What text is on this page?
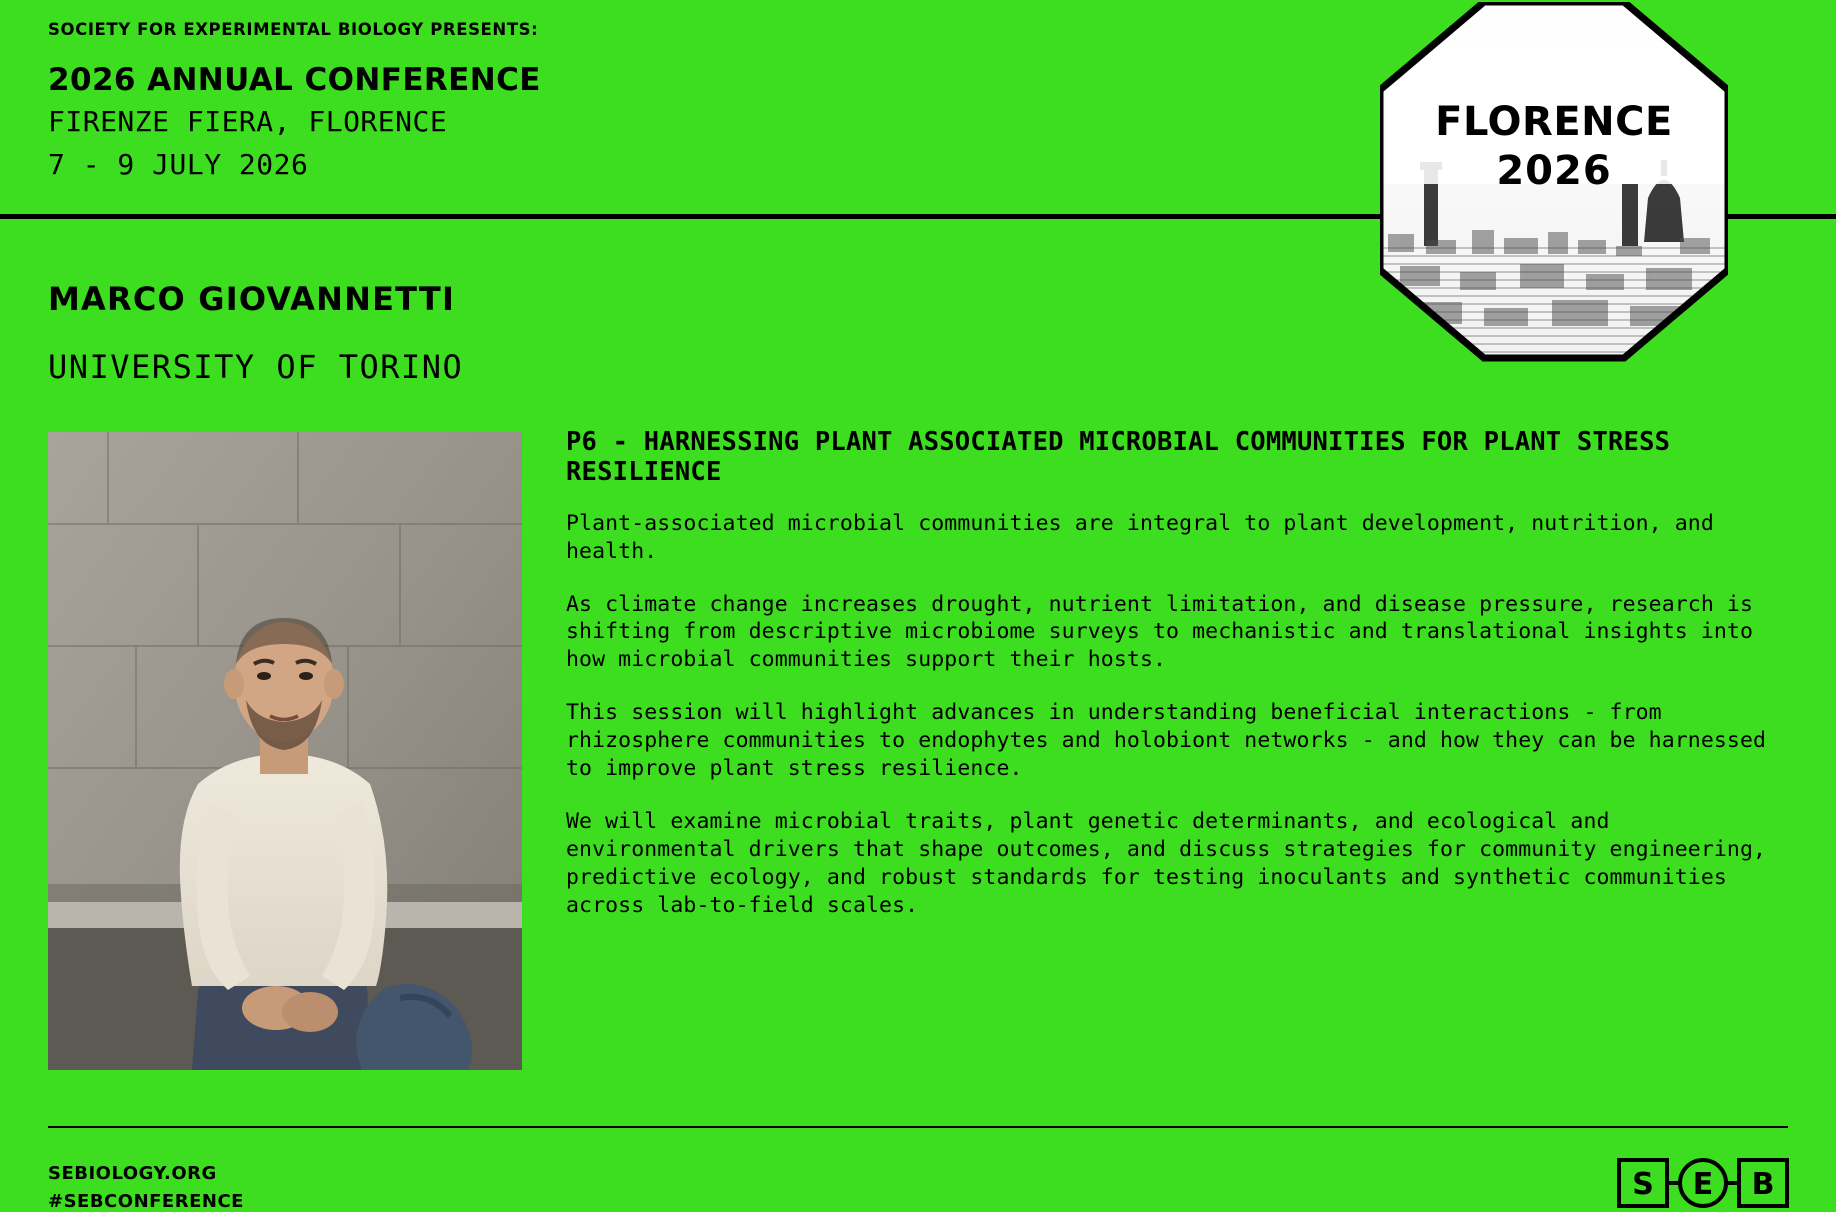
SOCIETY FOR EXPERIMENTAL BIOLOGY PRESENTS:
2026 ANNUAL CONFERENCE
FIRENZE FIERA, FLORENCE
7 - 9 JULY 2026
FLORENCE
2026
MARCO GIOVANNETTI
UNIVERSITY OF TORINO
P6 - HARNESSING PLANT ASSOCIATED MICROBIAL COMMUNITIES FOR PLANT STRESS RESILIENCE

Plant-associated microbial communities are integral to plant development, nutrition, and health.

As climate change increases drought, nutrient limitation, and disease pressure, research is shifting from descriptive microbiome surveys to mechanistic and translational insights into how microbial communities support their hosts.

This session will highlight advances in understanding beneficial interactions - from rhizosphere communities to endophytes and holobiont networks - and how they can be harnessed to improve plant stress resilience.

We will examine microbial traits, plant genetic determinants, and ecological and environmental drivers that shape outcomes, and discuss strategies for community engineering, predictive ecology, and robust standards for testing inoculants and synthetic communities across lab-to-field scales.

SEBIOLOGY.ORG
#SEBCONFERENCE	S E B
